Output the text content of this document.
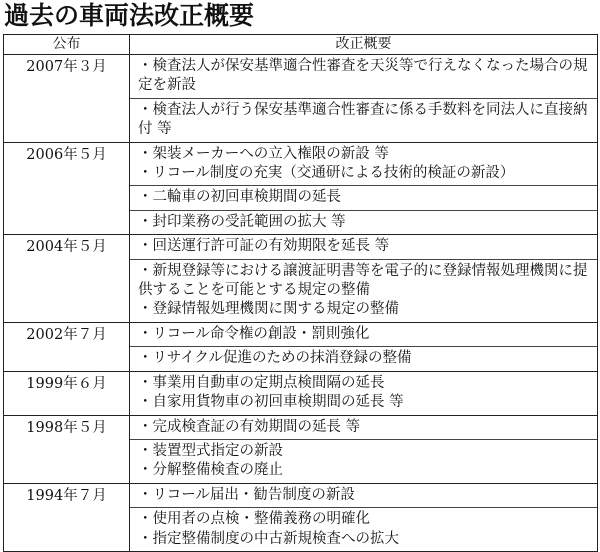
過去の車両法改正概要
公布	改正概要
2007年３月	・検査法人が保安基準適合性審査を天災等で行えなくなった場合の規定を新設
・検査法人が行う保安基準適合性審査に係る手数料を同法人に直接納付 等

2006年５月	・架装メーカーへの立入権限の新設 等
・リコール制度の充実（交通研による技術的検証の新設）
・二輪車の初回車検期間の延長
・封印業務の受託範囲の拡大 等

2004年５月	・回送運行許可証の有効期限を延長 等
・新規登録等における譲渡証明書等を電子的に登録情報処理機関に提供することを可能とする規定の整備
・登録情報処理機関に関する規定の整備

2002年７月	・リコール命令権の創設・罰則強化
・リサイクル促進のための抹消登録の整備

1999年６月	・事業用自動車の定期点検間隔の延長
・自家用貨物車の初回車検期間の延長 等

1998年５月	・完成検査証の有効期間の延長 等
・装置型式指定の新設
・分解整備検査の廃止

1994年７月	・リコール届出・勧告制度の新設
・使用者の点検・整備義務の明確化
・指定整備制度の中古新規検査への拡大
